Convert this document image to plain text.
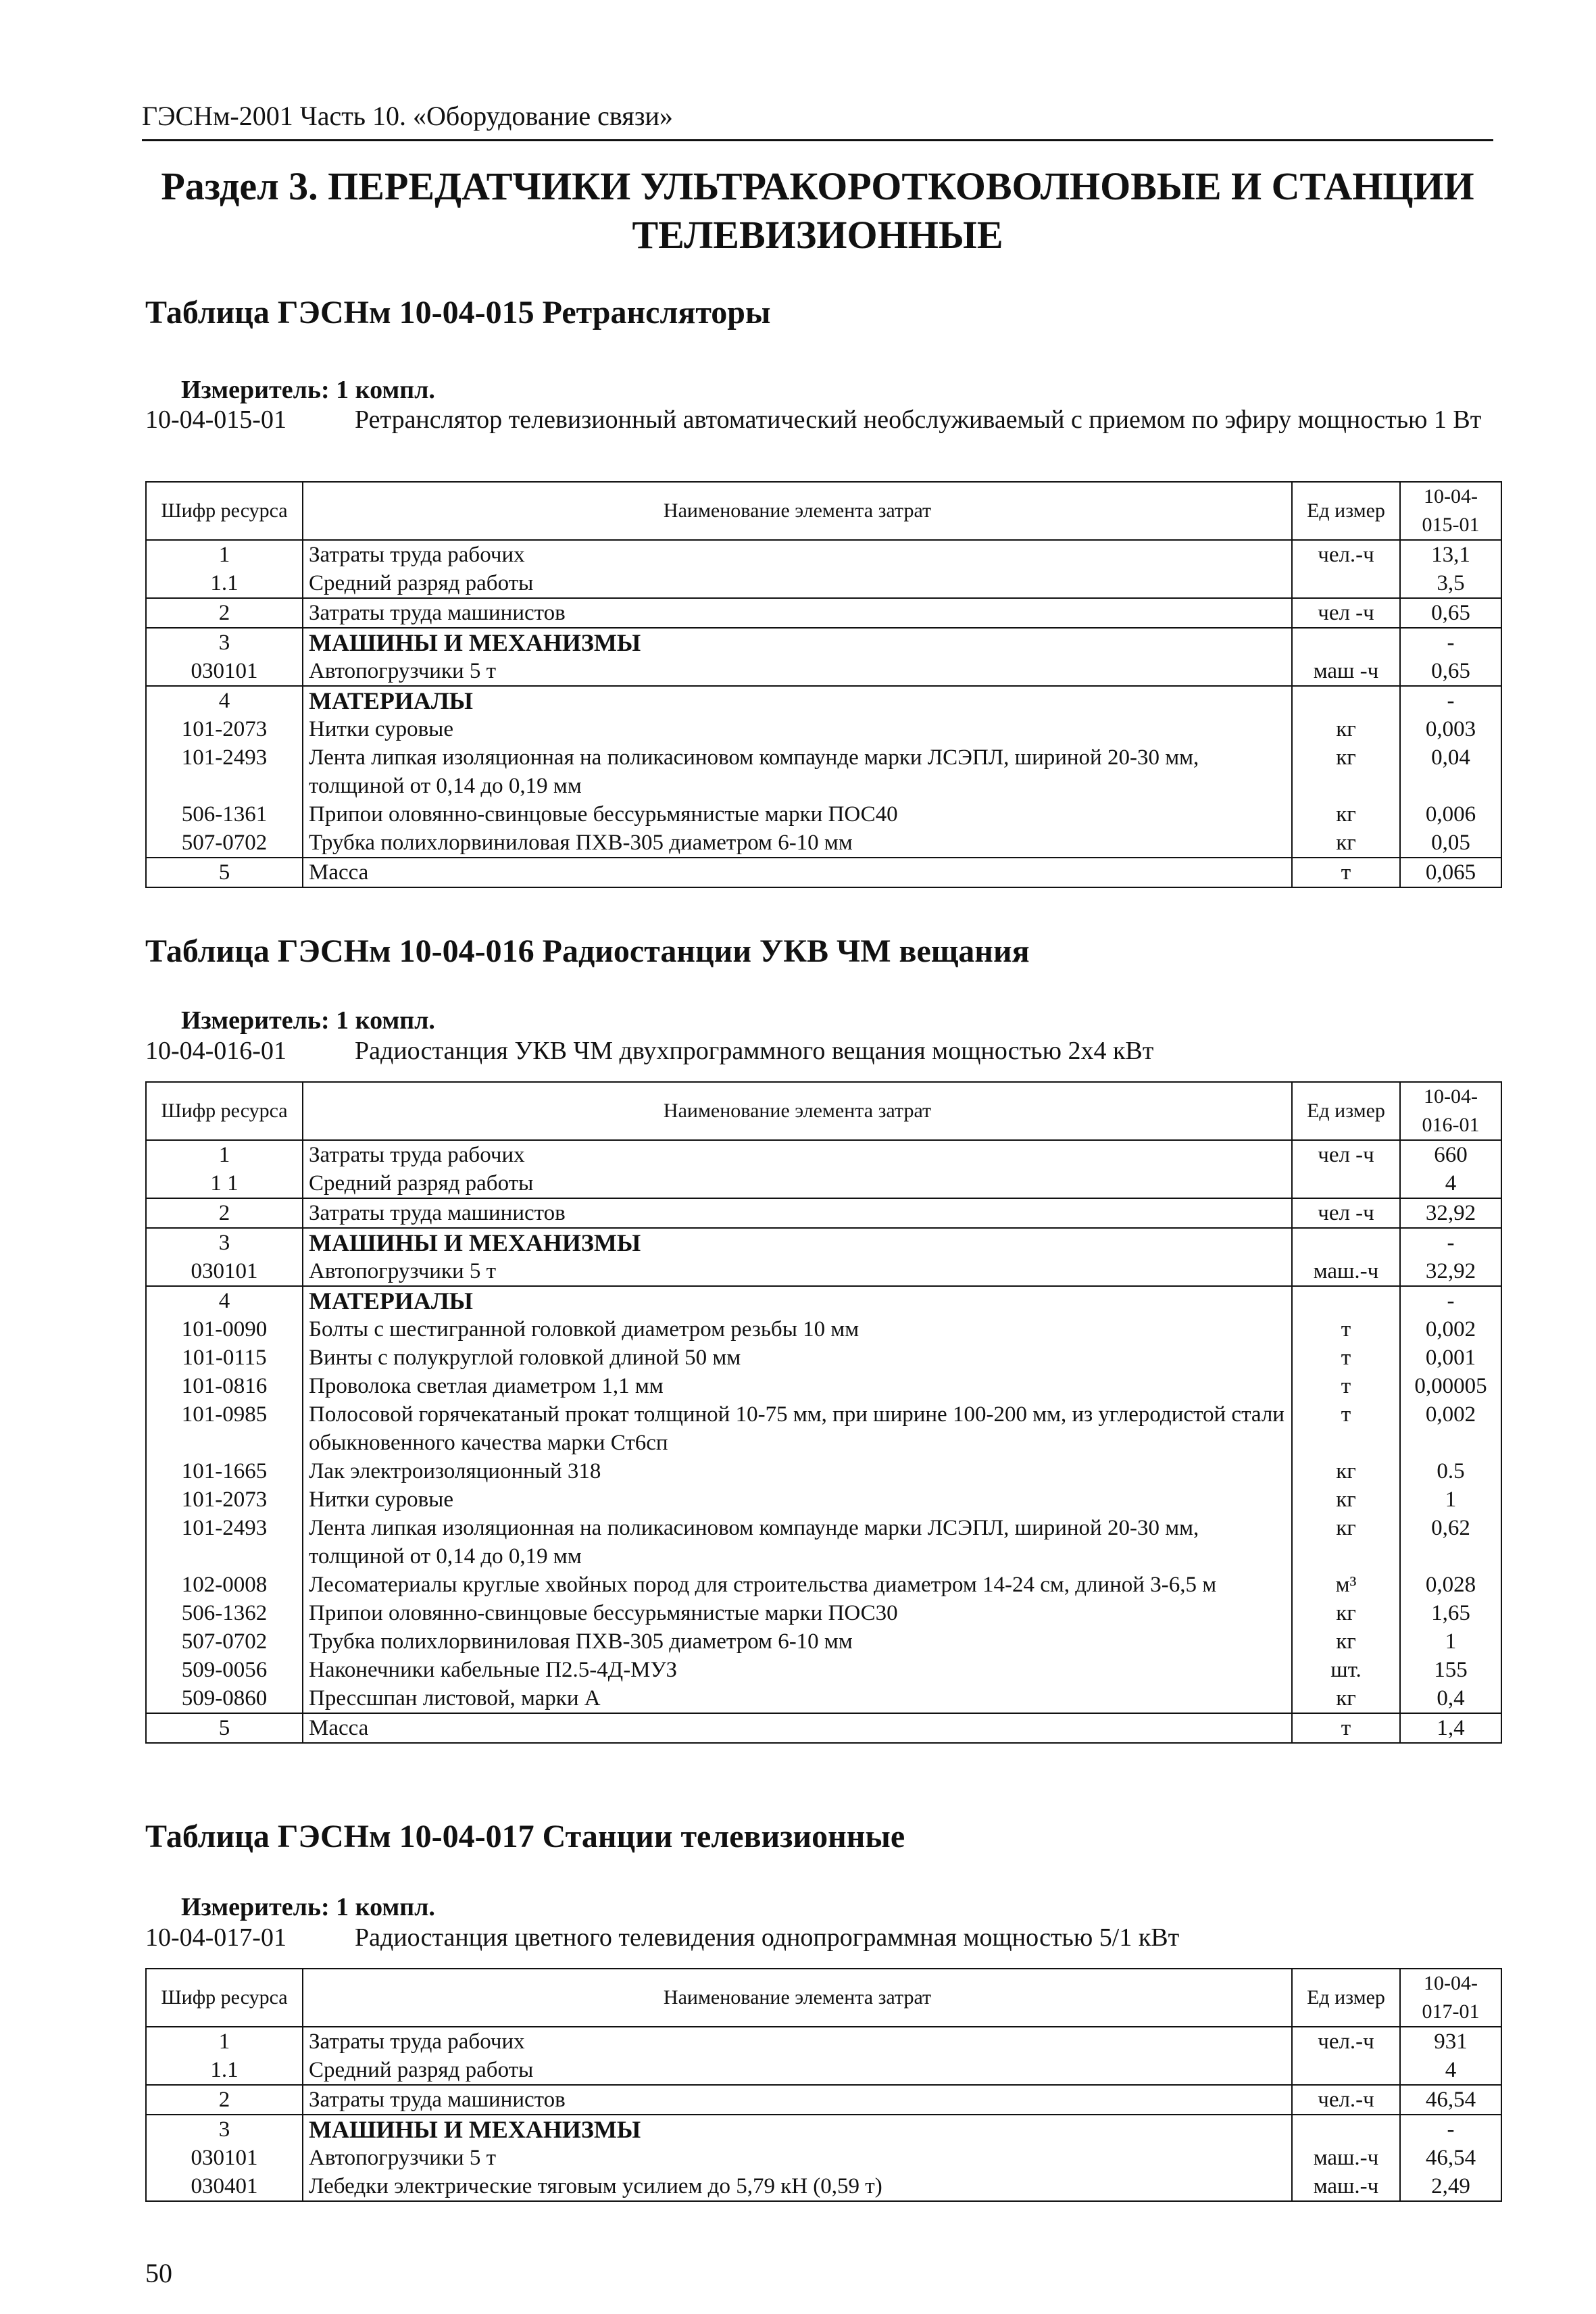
ГЭСНм-2001 Часть 10. «Оборудование связи»
Раздел 3. ПЕРЕДАТЧИКИ УЛЬТРАКОРОТКОВОЛНОВЫЕ И СТАНЦИИ ТЕЛЕВИЗИОННЫЕ
Таблица ГЭСНм 10-04-015 Ретрансляторы
Измеритель: 1 компл.
10-04-015-01	Ретранслятор телевизионный автоматический необслуживаемый с приемом по эфиру мощностью 1 Вт
Шифр ресурса	Наименование элемента затрат	Ед измер	10-04-015-01
1	Затраты труда рабочих	чел.-ч	13,1
1.1	Средний разряд работы		3,5
2	Затраты труда машинистов	чел -ч	0,65
3	МАШИНЫ И МЕХАНИЗМЫ		-
030101	Автопогрузчики 5 т	маш -ч	0,65
4	МАТЕРИАЛЫ		-
101-2073	Нитки суровые	кг	0,003
101-2493	Лента липкая изоляционная на поликасиновом компаунде марки ЛСЭПЛ, шириной 20-30 мм, толщиной от 0,14 до 0,19 мм	кг	0,04
506-1361	Припои оловянно-свинцовые бессурьмянистые марки ПОС40	кг	0,006
507-0702	Трубка полихлорвиниловая ПХВ-305 диаметром 6-10 мм	кг	0,05
5	Масса	т	0,065
Таблица ГЭСНм 10-04-016 Радиостанции УКВ ЧМ вещания
Измеритель: 1 компл.
10-04-016-01	Радиостанция УКВ ЧМ двухпрограммного вещания мощностью 2х4 кВт
Шифр ресурса	Наименование элемента затрат	Ед измер	10-04-016-01
1	Затраты труда рабочих	чел -ч	660
1 1	Средний разряд работы		4
2	Затраты труда машинистов	чел -ч	32,92
3	МАШИНЫ И МЕХАНИЗМЫ		-
030101	Автопогрузчики 5 т	маш.-ч	32,92
4	МАТЕРИАЛЫ		-
101-0090	Болты с шестигранной головкой диаметром резьбы 10 мм	т	0,002
101-0115	Винты с полукруглой головкой длиной 50 мм	т	0,001
101-0816	Проволока светлая диаметром 1,1 мм	т	0,00005
101-0985	Полосовой горячекатаный прокат толщиной 10-75 мм, при ширине 100-200 мм, из углеродистой стали обыкновенного качества марки Ст6сп	т	0,002
101-1665	Лак электроизоляционный 318	кг	0.5
101-2073	Нитки суровые	кг	1
101-2493	Лента липкая изоляционная на поликасиновом компаунде марки ЛСЭПЛ, шириной 20-30 мм, толщиной от 0,14 до 0,19 мм	кг	0,62
102-0008	Лесоматериалы круглые хвойных пород для строительства диаметром 14-24 см, длиной 3-6,5 м	м³	0,028
506-1362	Припои оловянно-свинцовые бессурьмянистые марки ПОС30	кг	1,65
507-0702	Трубка полихлорвиниловая ПХВ-305 диаметром 6-10 мм	кг	1
509-0056	Наконечники кабельные П2.5-4Д-МУЗ	шт.	155
509-0860	Прессшпан листовой, марки А	кг	0,4
5	Масса	т	1,4
Таблица ГЭСНм 10-04-017 Станции телевизионные
Измеритель: 1 компл.
10-04-017-01	Радиостанция цветного телевидения однопрограммная мощностью 5/1 кВт
Шифр ресурса	Наименование элемента затрат	Ед измер	10-04-017-01
1	Затраты труда рабочих	чел.-ч	931
1.1	Средний разряд работы		4
2	Затраты труда машинистов	чел.-ч	46,54
3	МАШИНЫ И МЕХАНИЗМЫ		-
030101	Автопогрузчики 5 т	маш.-ч	46,54
030401	Лебедки электрические тяговым усилием до 5,79 кН (0,59 т)	маш.-ч	2,49
50
